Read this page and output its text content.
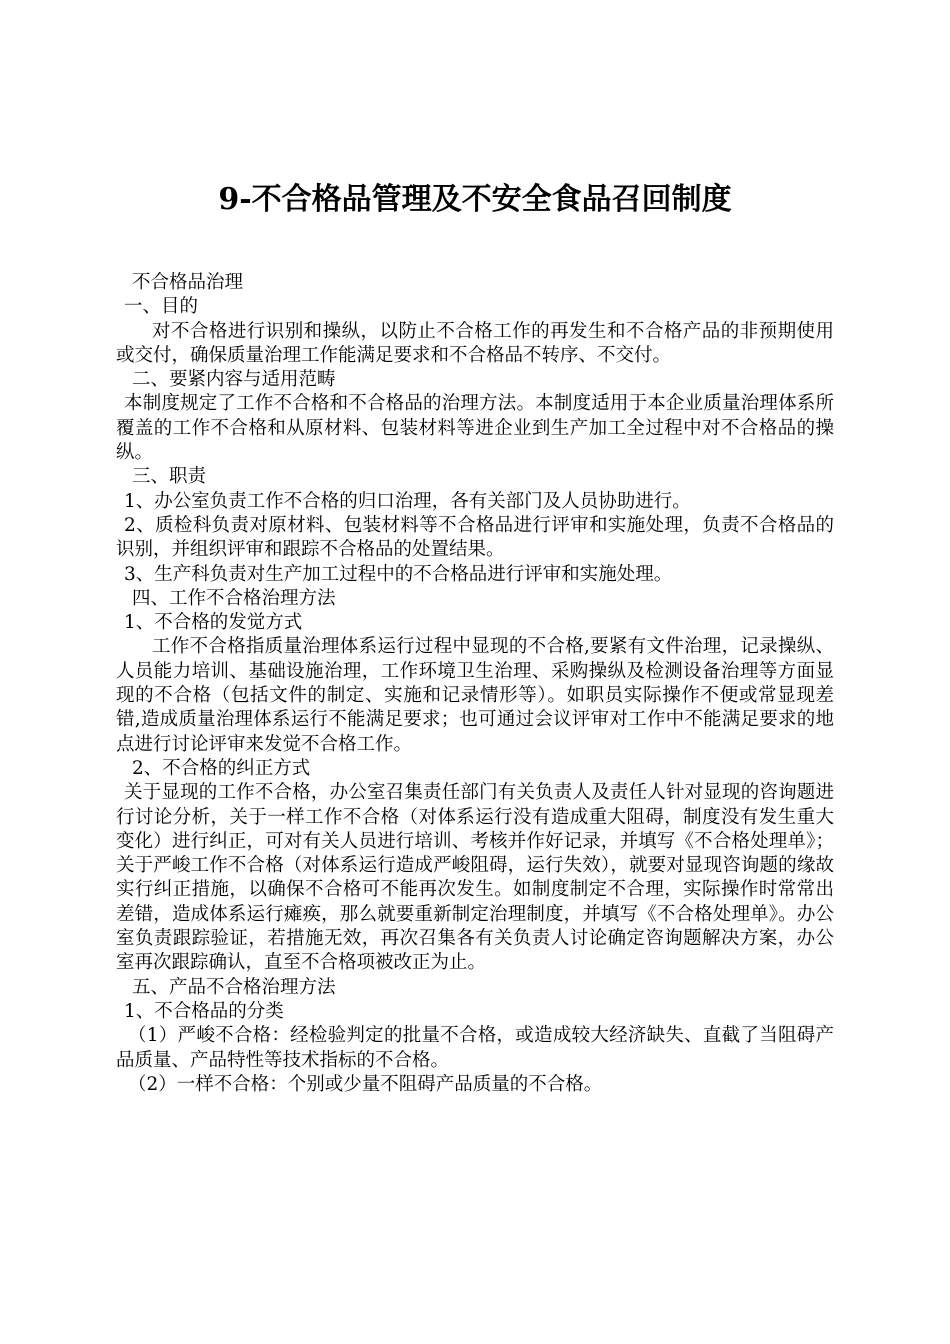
9-不合格品管理及不安全食品召回制度

不合格品治理

一、目的

对不合格进行识别和操纵，以防止不合格工作的再发生和不合格产品的非预期使用或交付，确保质量治理工作能满足要求和不合格品不转序、不交付。

二、要紧内容与适用范畴

本制度规定了工作不合格和不合格品的治理方法。本制度适用于本企业质量治理体系所覆盖的工作不合格和从原材料、包装材料等进企业到生产加工全过程中对不合格品的操纵。

三、职责

1、办公室负责工作不合格的归口治理，各有关部门及人员协助进行。

2、质检科负责对原材料、包装材料等不合格品进行评审和实施处理，负责不合格品的识别，并组织评审和跟踪不合格品的处置结果。

3、生产科负责对生产加工过程中的不合格品进行评审和实施处理。

四、工作不合格治理方法

1、不合格的发觉方式

工作不合格指质量治理体系运行过程中显现的不合格,要紧有文件治理，记录操纵、人员能力培训、基础设施治理，工作环境卫生治理、采购操纵及检测设备治理等方面显现的不合格（包括文件的制定、实施和记录情形等）。如职员实际操作不便或常显现差错,造成质量治理体系运行不能满足要求；也可通过会议评审对工作中不能满足要求的地点进行讨论评审来发觉不合格工作。

2、不合格的纠正方式

关于显现的工作不合格，办公室召集责任部门有关负责人及责任人针对显现的咨询题进行讨论分析，关于一样工作不合格（对体系运行没有造成重大阻碍，制度没有发生重大变化）进行纠正，可对有关人员进行培训、考核并作好记录，并填写《不合格处理单》；关于严峻工作不合格（对体系运行造成严峻阻碍，运行失效），就要对显现咨询题的缘故实行纠正措施，以确保不合格可不能再次发生。如制度制定不合理，实际操作时常常出差错，造成体系运行瘫痪，那么就要重新制定治理制度，并填写《不合格处理单》。办公室负责跟踪验证，若措施无效，再次召集各有关负责人讨论确定咨询题解决方案，办公室再次跟踪确认，直至不合格项被改正为止。

五、产品不合格治理方法

1、不合格品的分类

（1）严峻不合格：经检验判定的批量不合格，或造成较大经济缺失、直截了当阻碍产品质量、产品特性等技术指标的不合格。

（2）一样不合格：个别或少量不阻碍产品质量的不合格。
